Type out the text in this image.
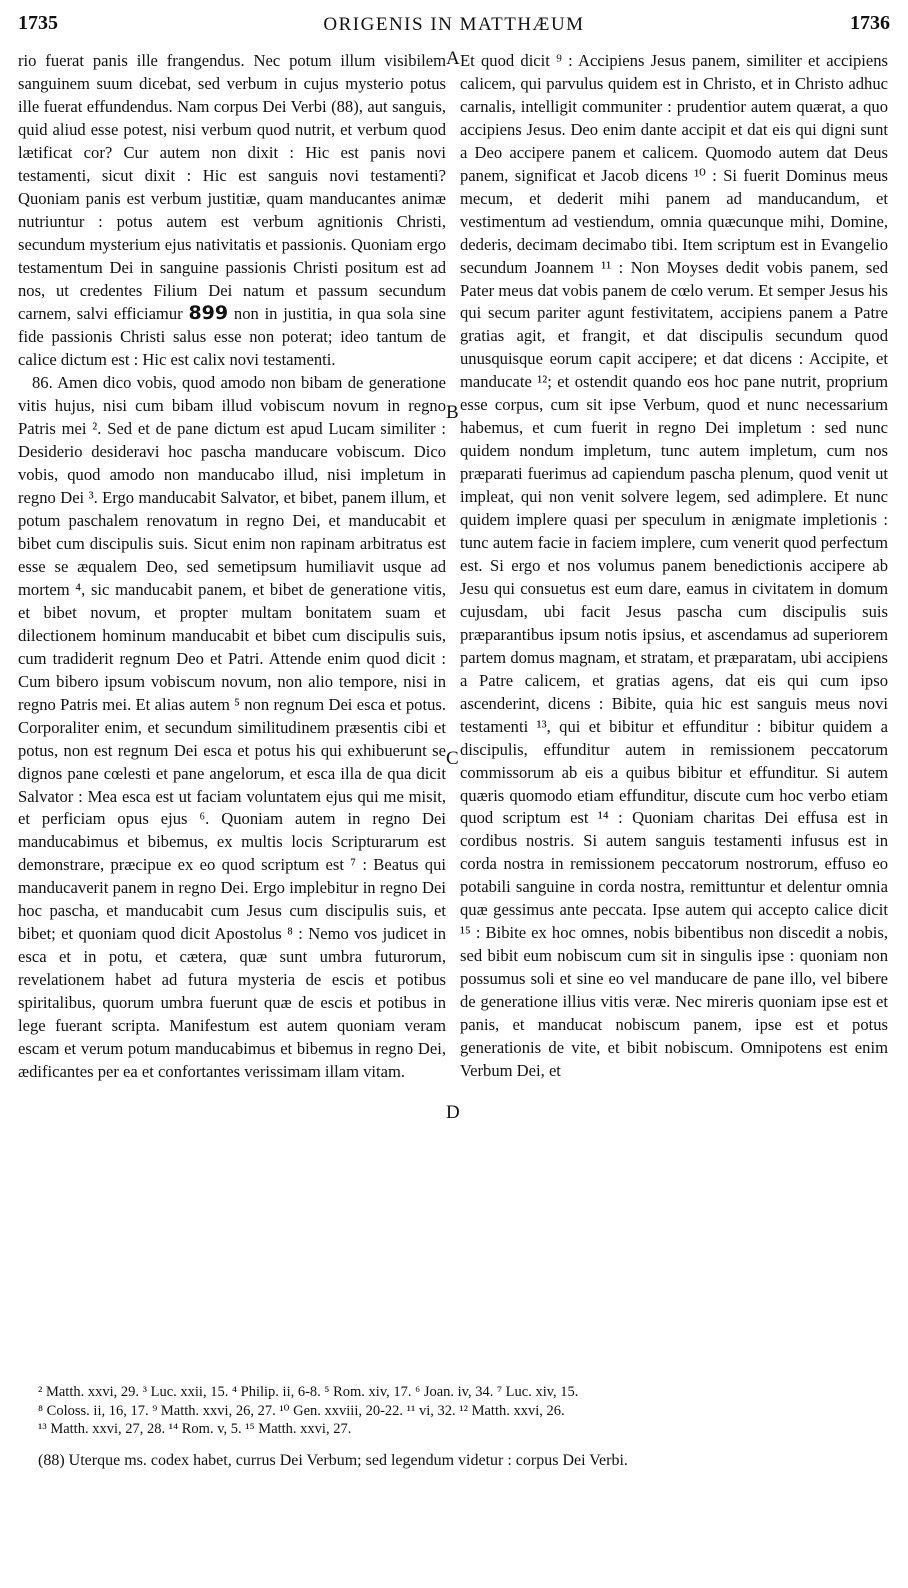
1735	ORIGENIS IN MATTHÆUM	1736

rio fuerat panis ille frangendus. Nec potum illum visibilem sanguinem suum dicebat, sed verbum in cujus mysterio potus ille fuerat effundendus. Nam corpus Dei Verbi (88), aut sanguis, quid aliud esse potest, nisi verbum quod nutrit, et verbum quod lætificat cor? Cur autem non dixit : Hic est panis novi testamenti, sicut dixit : Hic est sanguis novi testamenti? Quoniam panis est verbum justitiæ, quam manducantes animæ nutriuntur : potus autem est verbum agnitionis Christi, secundum mysterium ejus nativitatis et passionis. Quoniam ergo testamentum Dei in sanguine passionis Christi positum est ad nos, ut credentes Filium Dei natum et passum secundum carnem, salvi efficiamur 899 non in justitia, in qua sola sine fide passionis Christi salus esse non poterat; ideo tantum de calice dictum est : Hic est calix novi testamenti.

86. Amen dico vobis, quod amodo non bibam de generatione vitis hujus, nisi cum bibam illud vobiscum novum in regno Patris mei ². Sed et de pane dictum est apud Lucam similiter : Desiderio desideravi hoc pascha manducare vobiscum. Dico vobis, quod amodo non manducabo illud, nisi impletum in regno Dei ³. Ergo manducabit Salvator, et bibet, panem illum, et potum paschalem renovatum in regno Dei, et manducabit et bibet cum discipulis suis. Sicut enim non rapinam arbitratus est esse se æqualem Deo, sed semetipsum humiliavit usque ad mortem ⁴, sic manducabit panem, et bibet de generatione vitis, et bibet novum, et propter multam bonitatem suam et dilectionem hominum manducabit et bibet cum discipulis suis, cum tradiderit regnum Deo et Patri. Attende enim quod dicit : Cum bibero ipsum vobiscum novum, non alio tempore, nisi in regno Patris mei. Et alias autem ⁵ non regnum Dei esca et potus. Corporaliter enim, et secundum similitudinem præsentis cibi et potus, non est regnum Dei esca et potus his qui exhibuerunt se dignos pane cœlesti et pane angelorum, et esca illa de qua dicit Salvator : Mea esca est ut faciam voluntatem ejus qui me misit, et perficiam opus ejus ⁶. Quoniam autem in regno Dei manducabimus et bibemus, ex multis locis Scripturarum est demonstrare, præcipue ex eo quod scriptum est ⁷ : Beatus qui manducaverit panem in regno Dei. Ergo implebitur in regno Dei hoc pascha, et manducabit cum Jesus cum discipulis suis, et bibet; et quoniam quod dicit Apostolus ⁸ : Nemo vos judicet in esca et in potu, et cætera, quæ sunt umbra futurorum, revelationem habet ad futura mysteria de escis et potibus spiritalibus, quorum umbra fuerunt quæ de escis et potibus in lege fuerant scripta. Manifestum est autem quoniam veram escam et verum potum manducabimus et bibemus in regno Dei, ædificantes per ea et confortantes verissimam illam vitam.

A
B
C
D

Et quod dicit ⁹ : Accipiens Jesus panem, similiter et accipiens calicem, qui parvulus quidem est in Christo, et in Christo adhuc carnalis, intelligit communiter : prudentior autem quærat, a quo accipiens Jesus. Deo enim dante accipit et dat eis qui digni sunt a Deo accipere panem et calicem. Quomodo autem dat Deus panem, significat et Jacob dicens ¹⁰ : Si fuerit Dominus meus mecum, et dederit mihi panem ad manducandum, et vestimentum ad vestiendum, omnia quæcunque mihi, Domine, dederis, decimam decimabo tibi. Item scriptum est in Evangelio secundum Joannem ¹¹ : Non Moyses dedit vobis panem, sed Pater meus dat vobis panem de cœlo verum. Et semper Jesus his qui secum pariter agunt festivitatem, accipiens panem a Patre gratias agit, et frangit, et dat discipulis secundum quod unusquisque eorum capit accipere; et dat dicens : Accipite, et manducate ¹²; et ostendit quando eos hoc pane nutrit, proprium esse corpus, cum sit ipse Verbum, quod et nunc necessarium habemus, et cum fuerit in regno Dei impletum : sed nunc quidem nondum impletum, tunc autem impletum, cum nos præparati fuerimus ad capiendum pascha plenum, quod venit ut impleat, qui non venit solvere legem, sed adimplere. Et nunc quidem implere quasi per speculum in ænigmate impletionis : tunc autem facie in faciem implere, cum venerit quod perfectum est. Si ergo et nos volumus panem benedictionis accipere ab Jesu qui consuetus est eum dare, eamus in civitatem in domum cujusdam, ubi facit Jesus pascha cum discipulis suis præparantibus ipsum notis ipsius, et ascendamus ad superiorem partem domus magnam, et stratam, et præparatam, ubi accipiens a Patre calicem, et gratias agens, dat eis qui cum ipso ascenderint, dicens : Bibite, quia hic est sanguis meus novi testamenti ¹³, qui et bibitur et effunditur : bibitur quidem a discipulis, effunditur autem in remissionem peccatorum commissorum ab eis a quibus bibitur et effunditur. Si autem quæris quomodo etiam effunditur, discute cum hoc verbo etiam quod scriptum est ¹⁴ : Quoniam charitas Dei effusa est in cordibus nostris. Si autem sanguis testamenti infusus est in corda nostra in remissionem peccatorum nostrorum, effuso eo potabili sanguine in corda nostra, remittuntur et delentur omnia quæ gessimus ante peccata. Ipse autem qui accepto calice dicit ¹⁵ : Bibite ex hoc omnes, nobis bibentibus non discedit a nobis, sed bibit eum nobiscum cum sit in singulis ipse : quoniam non possumus soli et sine eo vel manducare de pane illo, vel bibere de generatione illius vitis veræ. Nec mireris quoniam ipse est et panis, et manducat nobiscum panem, ipse est et potus generationis de vite, et bibit nobiscum. Omnipotens est enim Verbum Dei, et

² Matth. xxvi, 29. ³ Luc. xxii, 15. ⁴ Philip. ii, 6-8. ⁵ Rom. xiv, 17. ⁶ Joan. iv, 34. ⁷ Luc. xiv, 15.

⁸ Coloss. ii, 16, 17. ⁹ Matth. xxvi, 26, 27. ¹⁰ Gen. xxviii, 20-22. ¹¹ vi, 32. ¹² Matth. xxvi, 26.

¹³ Matth. xxvi, 27, 28. ¹⁴ Rom. v, 5. ¹⁵ Matth. xxvi, 27.

(88) Uterque ms. codex habet, currus Dei Verbum; sed legendum videtur : corpus Dei Verbi.
